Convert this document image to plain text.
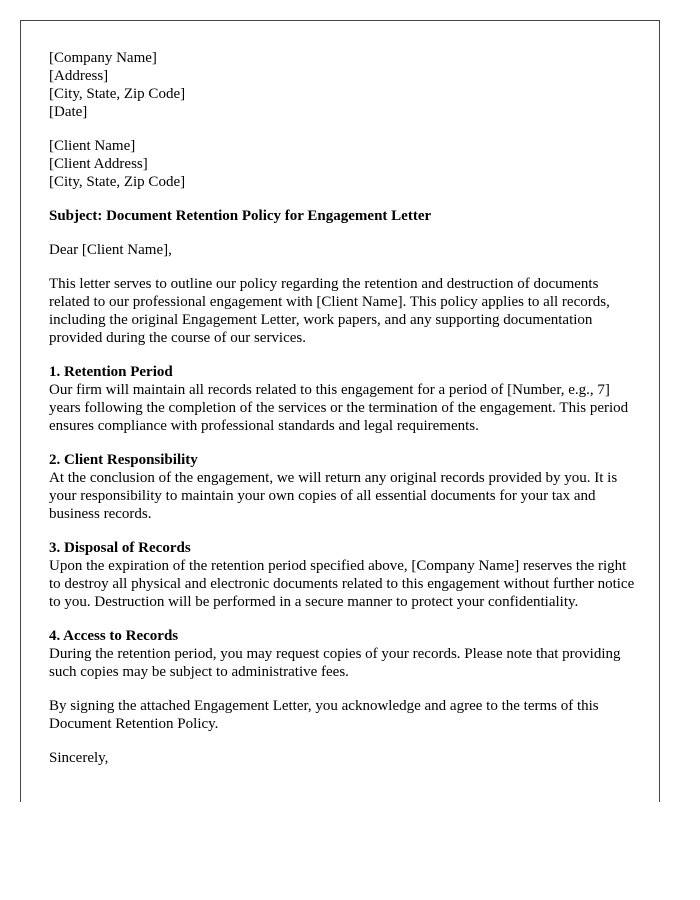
[Company Name]
[Address]
[City, State, Zip Code]
[Date]
[Client Name]
[Client Address]
[City, State, Zip Code]
Subject: Document Retention Policy for Engagement Letter

Dear [Client Name],

This letter serves to outline our policy regarding the retention and destruction of documents related to our professional engagement with [Client Name]. This policy applies to all records, including the original Engagement Letter, work papers, and any supporting documentation provided during the course of our services.

1. Retention Period
Our firm will maintain all records related to this engagement for a period of [Number, e.g., 7] years following the completion of the services or the termination of the engagement. This period ensures compliance with professional standards and legal requirements.
2. Client Responsibility
At the conclusion of the engagement, we will return any original records provided by you. It is your responsibility to maintain your own copies of all essential documents for your tax and business records.
3. Disposal of Records
Upon the expiration of the retention period specified above, [Company Name] reserves the right to destroy all physical and electronic documents related to this engagement without further notice to you. Destruction will be performed in a secure manner to protect your confidentiality.
4. Access to Records
During the retention period, you may request copies of your records. Please note that providing such copies may be subject to administrative fees.

By signing the attached Engagement Letter, you acknowledge and agree to the terms of this Document Retention Policy.

Sincerely,
